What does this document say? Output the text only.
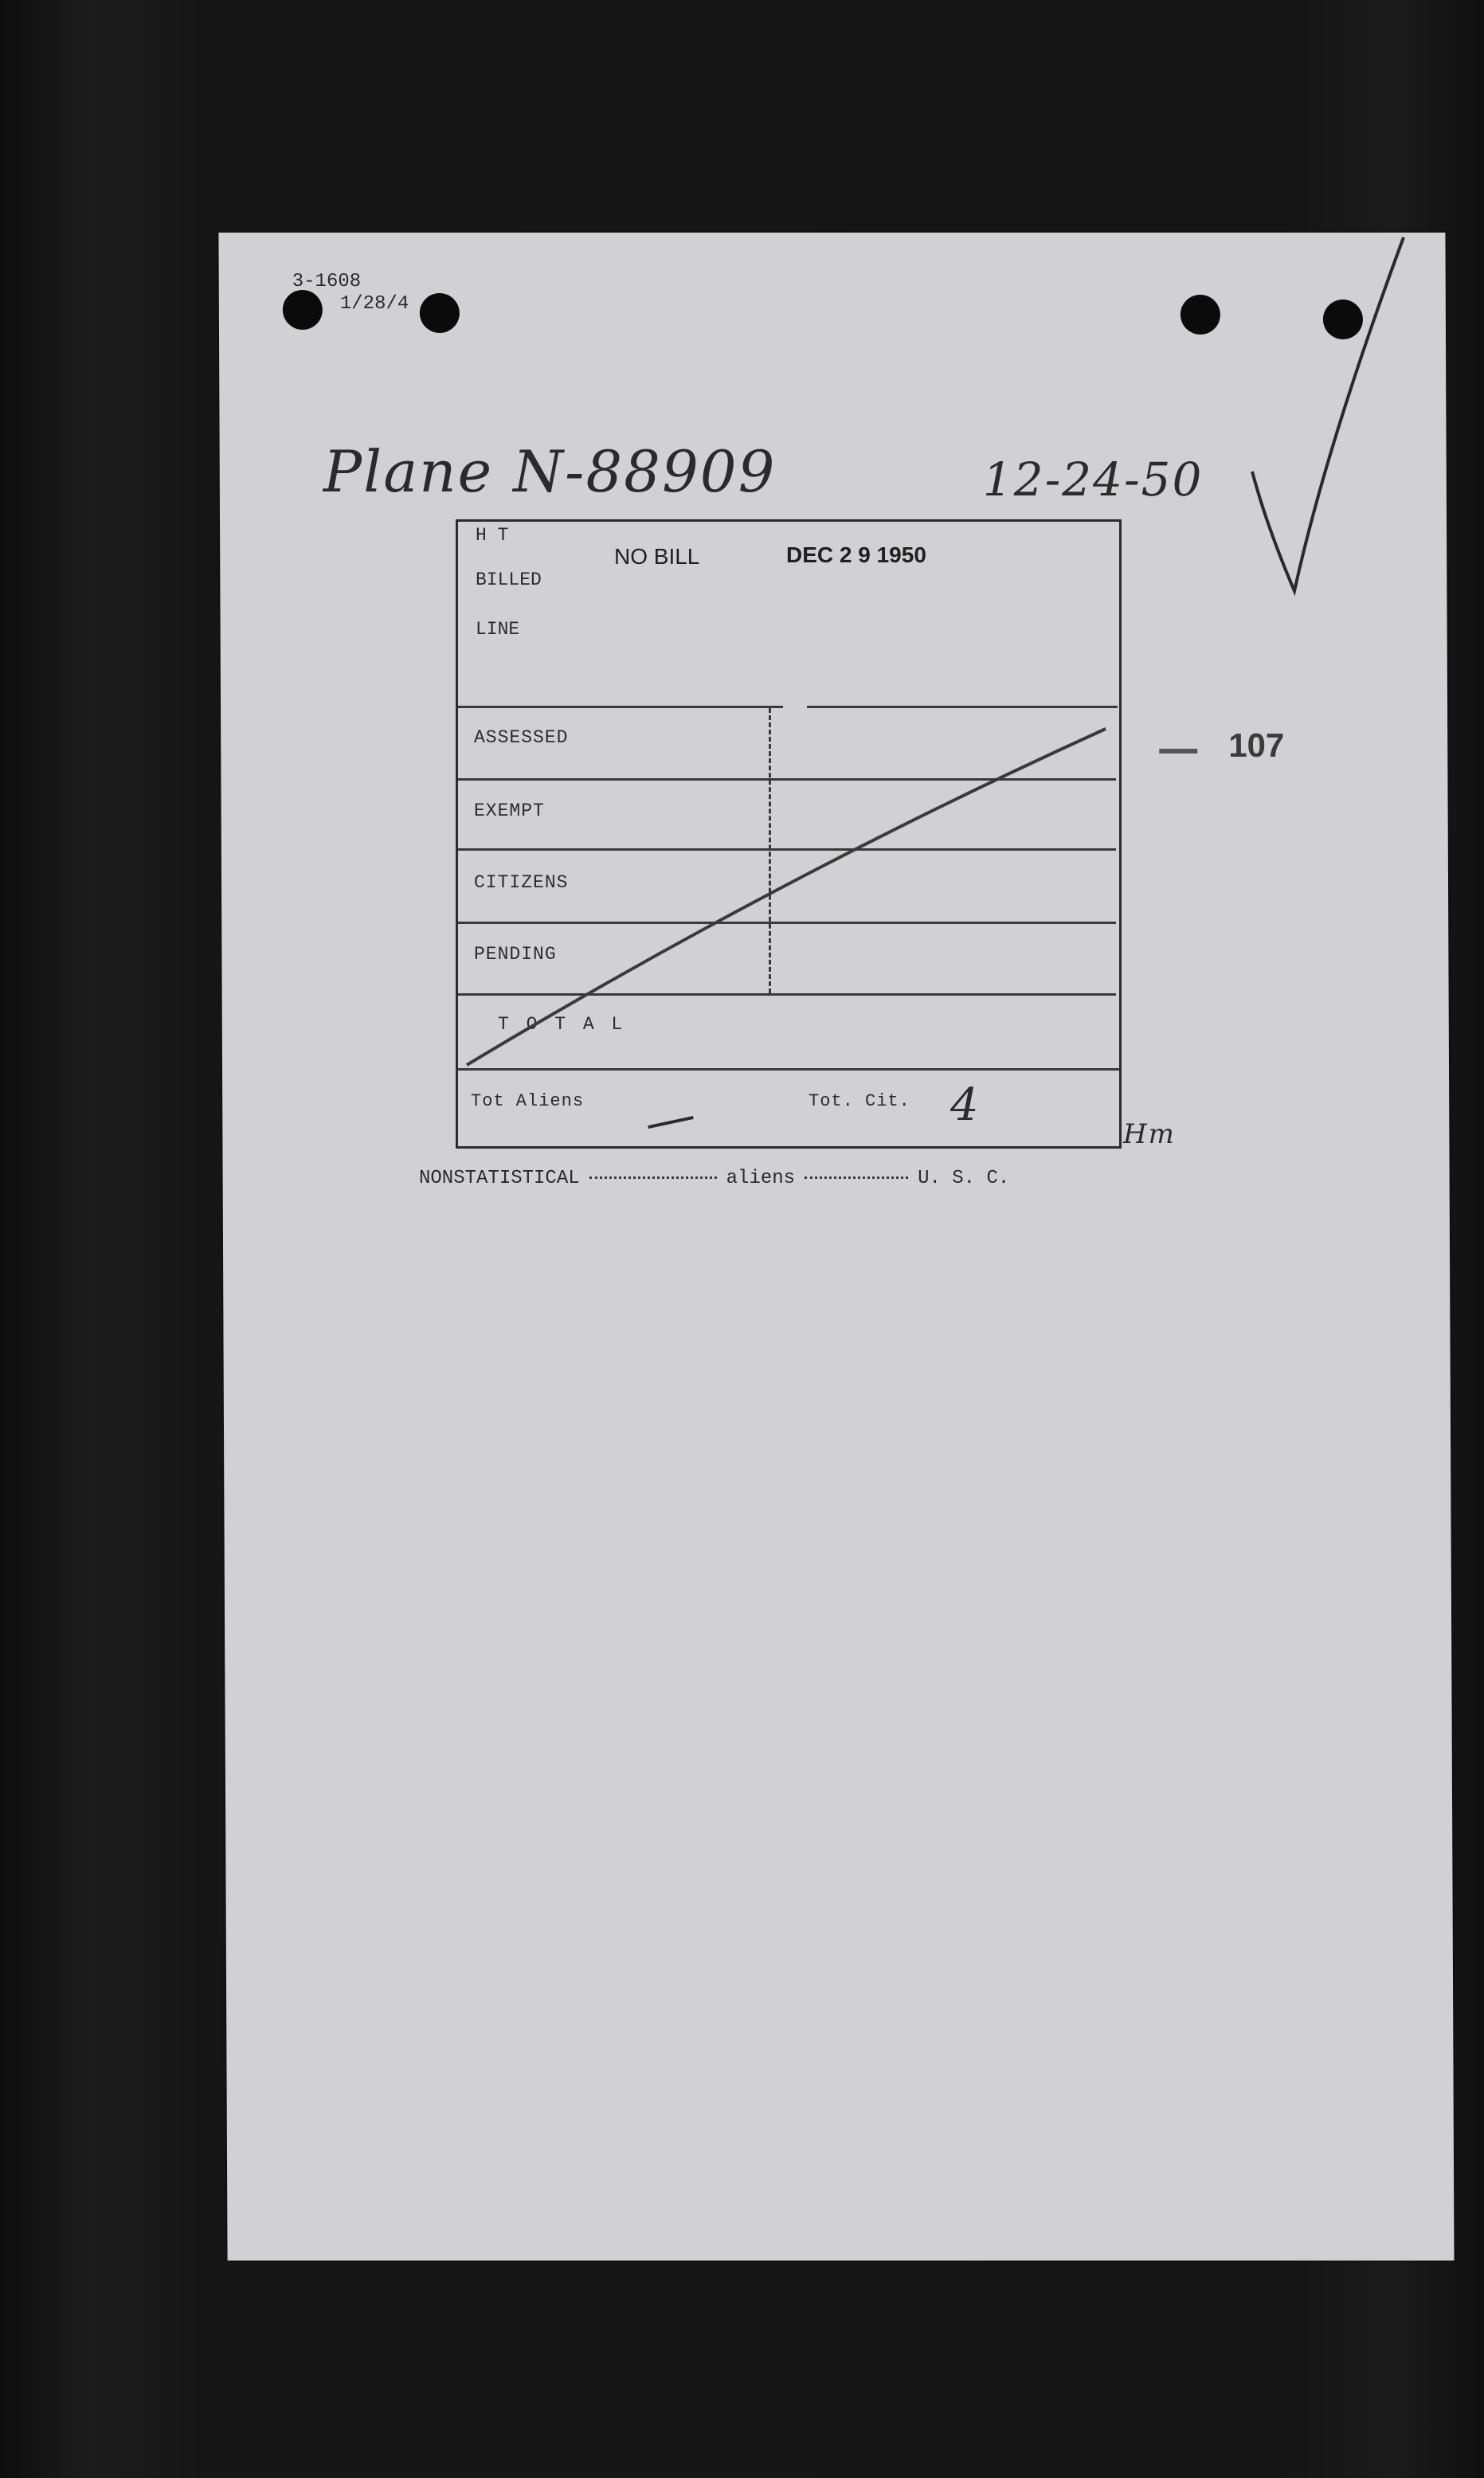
3-1608
1/28/4
Plane N-88909	12-24-50
107
H T
NO BILL	DEC 2 9 1950
BILLED
LINE
ASSESSED
EXEMPT
CITIZENS
PENDING
T O T A L
Tot Aliens	Tot. Cit. 4
Hm
NONSTATISTICAL	aliens	U. S. C.
